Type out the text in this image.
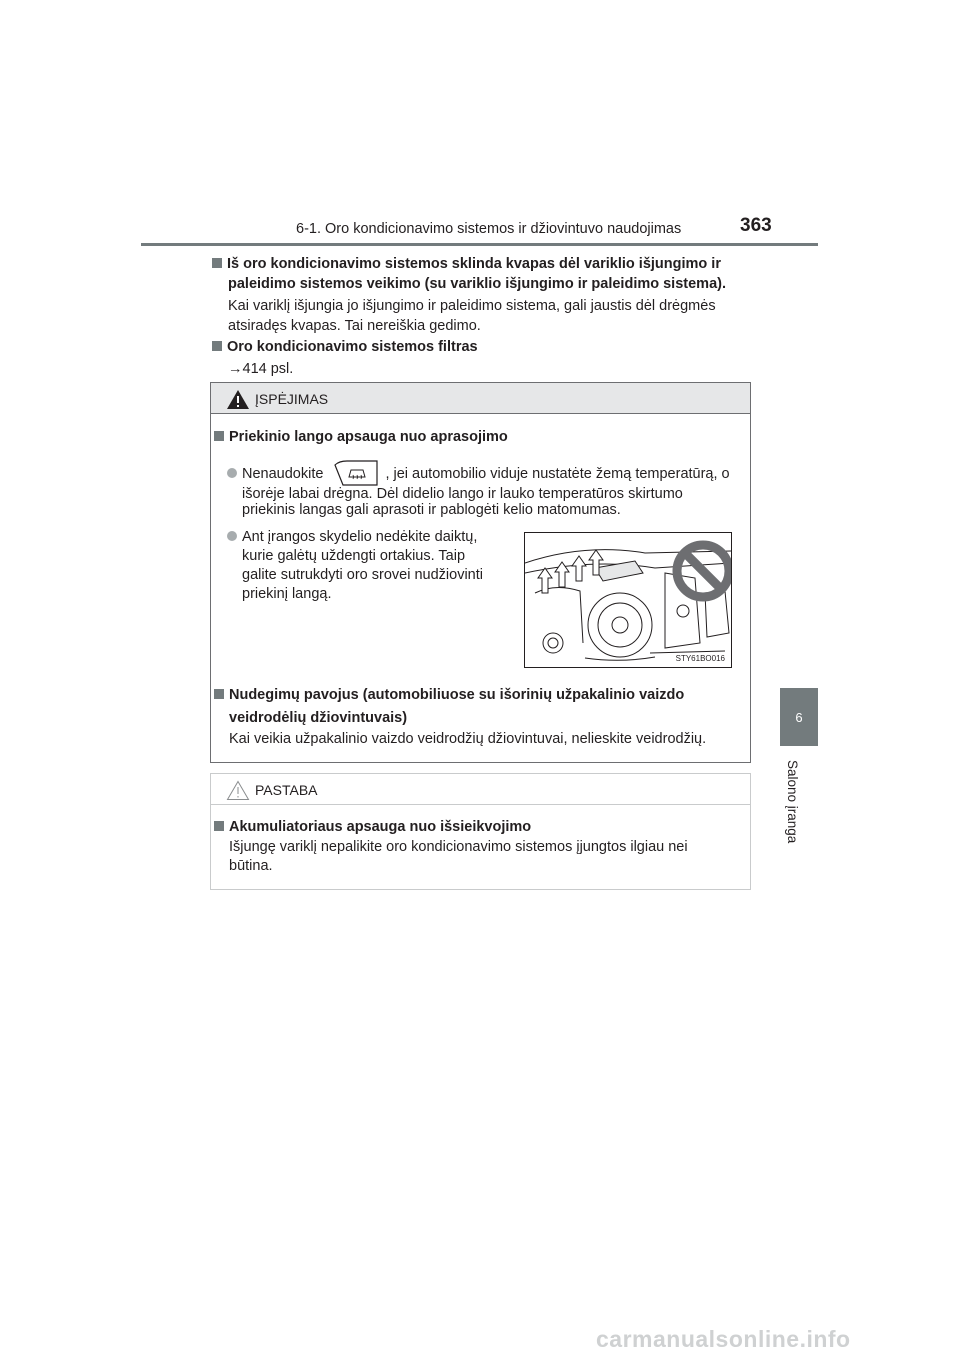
6-1. Oro kondicionavimo sistemos ir džiovintuvo naudojimas	363
6
Salono įranga
Iš oro kondicionavimo sistemos sklinda kvapas dėl variklio išjungimo ir
paleidimo sistemos veikimo (su variklio išjungimo ir paleidimo sistema).
Kai variklį išjungia jo išjungimo ir paleidimo sistema, gali jaustis dėl drėgmės
atsiradęs kvapas. Tai nereiškia gedimo.
Oro kondicionavimo sistemos filtras
→414 psl.
ĮSPĖJIMAS
Priekinio lango apsauga nuo aprasojimo
Nenaudokite	, jei automobilio viduje nustatėte žemą temperatūrą, o
išorėje labai drėgna. Dėl didelio lango ir lauko temperatūros skirtumo
priekinis langas gali aprasoti ir pablogėti kelio matomumas.
Ant įrangos skydelio nedėkite daiktų,
kurie galėtų uždengti ortakius. Taip
galite sutrukdyti oro srovei nudžiovinti
priekinį langą.
STY61BO016
Nudegimų pavojus (automobiliuose su išorinių užpakalinio vaizdo
veidrodėlių džiovintuvais)
Kai veikia užpakalinio vaizdo veidrodžių džiovintuvai, nelieskite veidrodžių.
PASTABA
Akumuliatoriaus apsauga nuo išsieikvojimo
Išjungę variklį nepalikite oro kondicionavimo sistemos įjungtos ilgiau nei
būtina.
carmanualsonline.info
